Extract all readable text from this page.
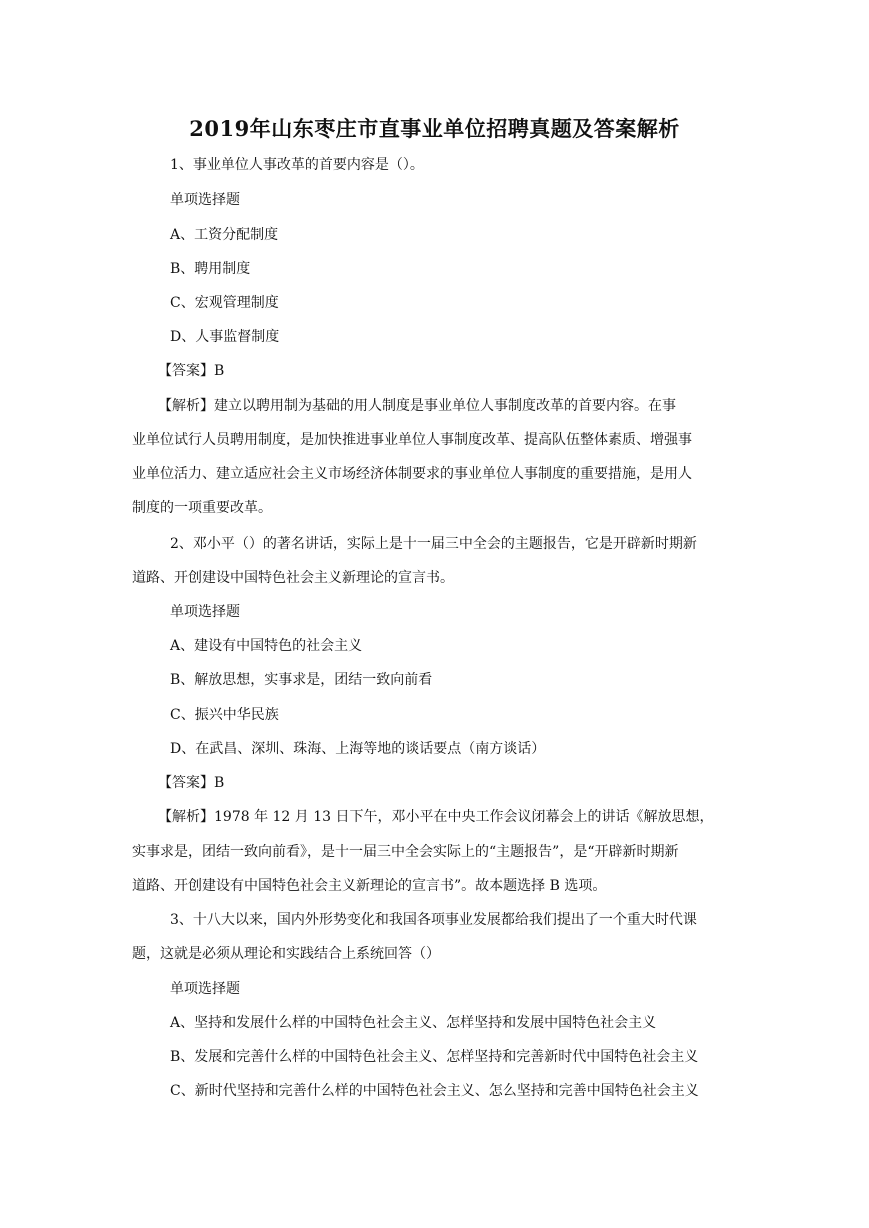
2019年山东枣庄市直事业单位招聘真题及答案解析
1、事业单位人事改革的首要内容是（）。
单项选择题
A、工资分配制度
B、聘用制度
C、宏观管理制度
D、人事监督制度
【答案】B
【解析】建立以聘用制为基础的用人制度是事业单位人事制度改革的首要内容。在事
业单位试行人员聘用制度，是加快推进事业单位人事制度改革、提高队伍整体素质、增强事
业单位活力、建立适应社会主义市场经济体制要求的事业单位人事制度的重要措施，是用人
制度的一项重要改革。
2、邓小平（）的著名讲话，实际上是十一届三中全会的主题报告，它是开辟新时期新
道路、开创建设中国特色社会主义新理论的宣言书。
单项选择题
A、建设有中国特色的社会主义
B、解放思想，实事求是，团结一致向前看
C、振兴中华民族
D、在武昌、深圳、珠海、上海等地的谈话要点（南方谈话）
【答案】B
【解析】1978 年 12 月 13 日下午，邓小平在中央工作会议闭幕会上的讲话《解放思想，
实事求是，团结一致向前看》，是十一届三中全会实际上的“主题报告”，是“开辟新时期新
道路、开创建设有中国特色社会主义新理论的宣言书”。故本题选择 B 选项。
3、十八大以来，国内外形势变化和我国各项事业发展都给我们提出了一个重大时代课
题，这就是必须从理论和实践结合上系统回答（）
单项选择题
A、坚持和发展什么样的中国特色社会主义、怎样坚持和发展中国特色社会主义
B、发展和完善什么样的中国特色社会主义、怎样坚持和完善新时代中国特色社会主义
C、新时代坚持和完善什么样的中国特色社会主义、怎么坚持和完善中国特色社会主义
